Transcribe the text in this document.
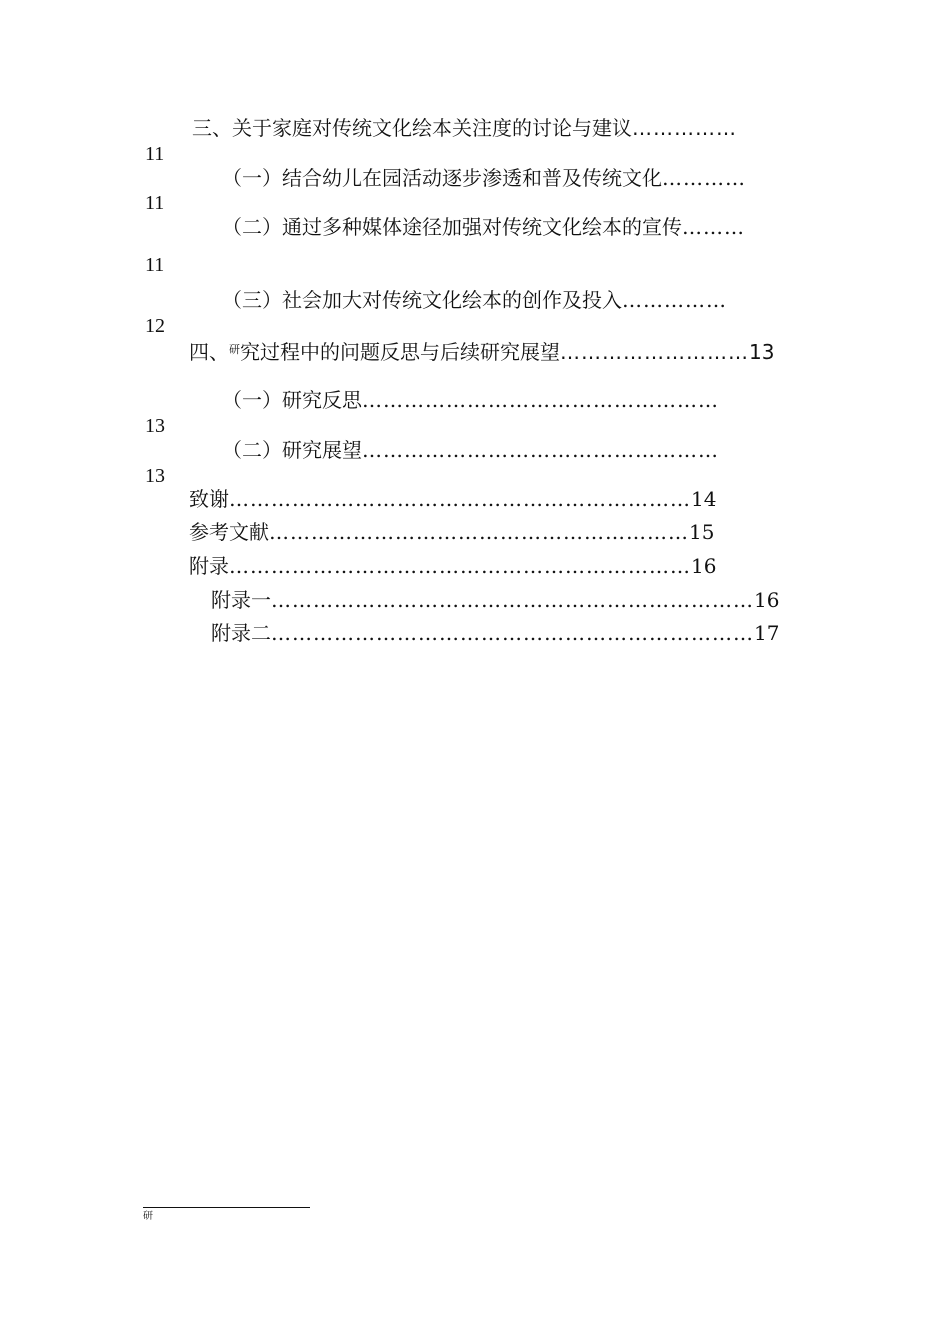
三、关于家庭对传统文化绘本关注度的讨论与建议……………
11
（一）结合幼儿在园活动逐步渗透和普及传统文化…………
11
（二）通过多种媒体途径加强对传统文化绘本的宣传………
11
（三）社会加大对传统文化绘本的创作及投入……………
12
四、$^研$究过程中的问题反思与后续研究展望………………………13
（一）研究反思……………………………………………
13
（二）研究展望……………………………………………
13
致谢…………………………………………………………14
参考文献……………………………………………………15
附录…………………………………………………………16
附录一……………………………………………………………16
附录二……………………………………………………………17
研
